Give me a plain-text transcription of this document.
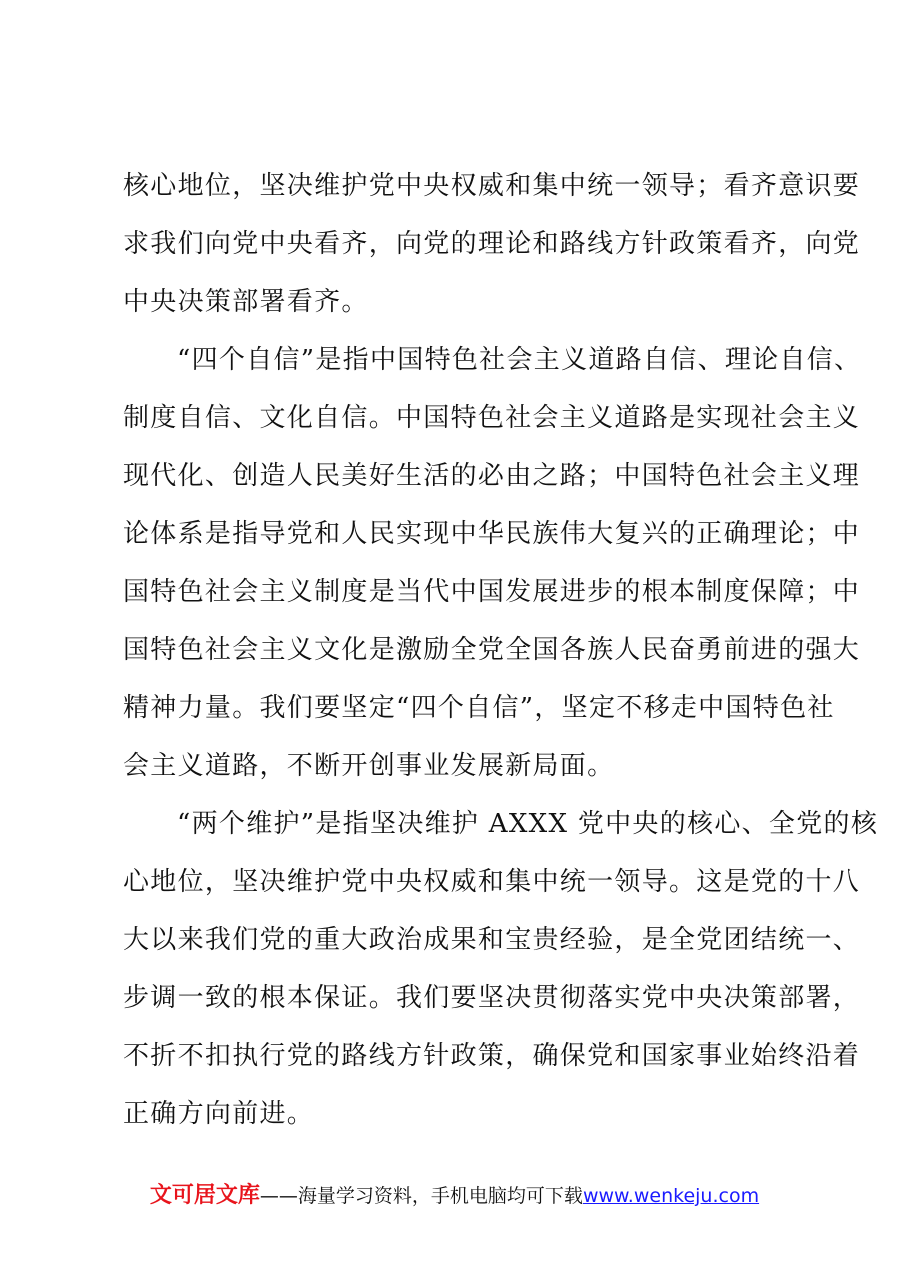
核心地位，坚决维护党中央权威和集中统一领导；看齐意识要
求我们向党中央看齐，向党的理论和路线方针政策看齐，向党
中央决策部署看齐。
“四个自信”是指中国特色社会主义道路自信、理论自信、
制度自信、文化自信。中国特色社会主义道路是实现社会主义
现代化、创造人民美好生活的必由之路；中国特色社会主义理
论体系是指导党和人民实现中华民族伟大复兴的正确理论；中
国特色社会主义制度是当代中国发展进步的根本制度保障；中
国特色社会主义文化是激励全党全国各族人民奋勇前进的强大
精神力量。我们要坚定“四个自信”，坚定不移走中国特色社
会主义道路，不断开创事业发展新局面。
“两个维护”是指坚决维护 AXXX 党中央的核心、全党的核
心地位，坚决维护党中央权威和集中统一领导。这是党的十八
大以来我们党的重大政治成果和宝贵经验，是全党团结统一、
步调一致的根本保证。我们要坚决贯彻落实党中央决策部署，
不折不扣执行党的路线方针政策，确保党和国家事业始终沿着
正确方向前进。
文可居文库——海量学习资料，手机电脑均可下载www.wenkeju.com
